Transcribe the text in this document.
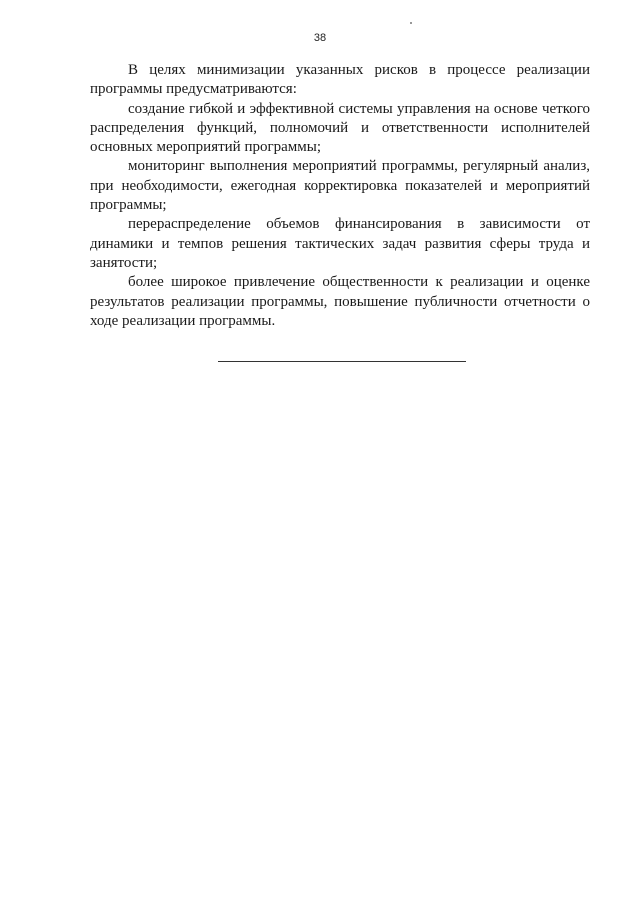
38

В целях минимизации указанных рисков в процессе реализации программы предусматриваются:

создание гибкой и эффективной системы управления на основе четкого распределения функций, полномочий и ответственности исполнителей основных мероприятий программы;

мониторинг выполнения мероприятий программы, регулярный анализ, при необходимости, ежегодная корректировка показателей и мероприятий программы;

перераспределение объемов финансирования в зависимости от динамики и темпов решения тактических задач развития сферы труда и занятости;

более широкое привлечение общественности к реализации и оценке результатов реализации программы, повышение публичности отчетности о ходе реализации программы.
